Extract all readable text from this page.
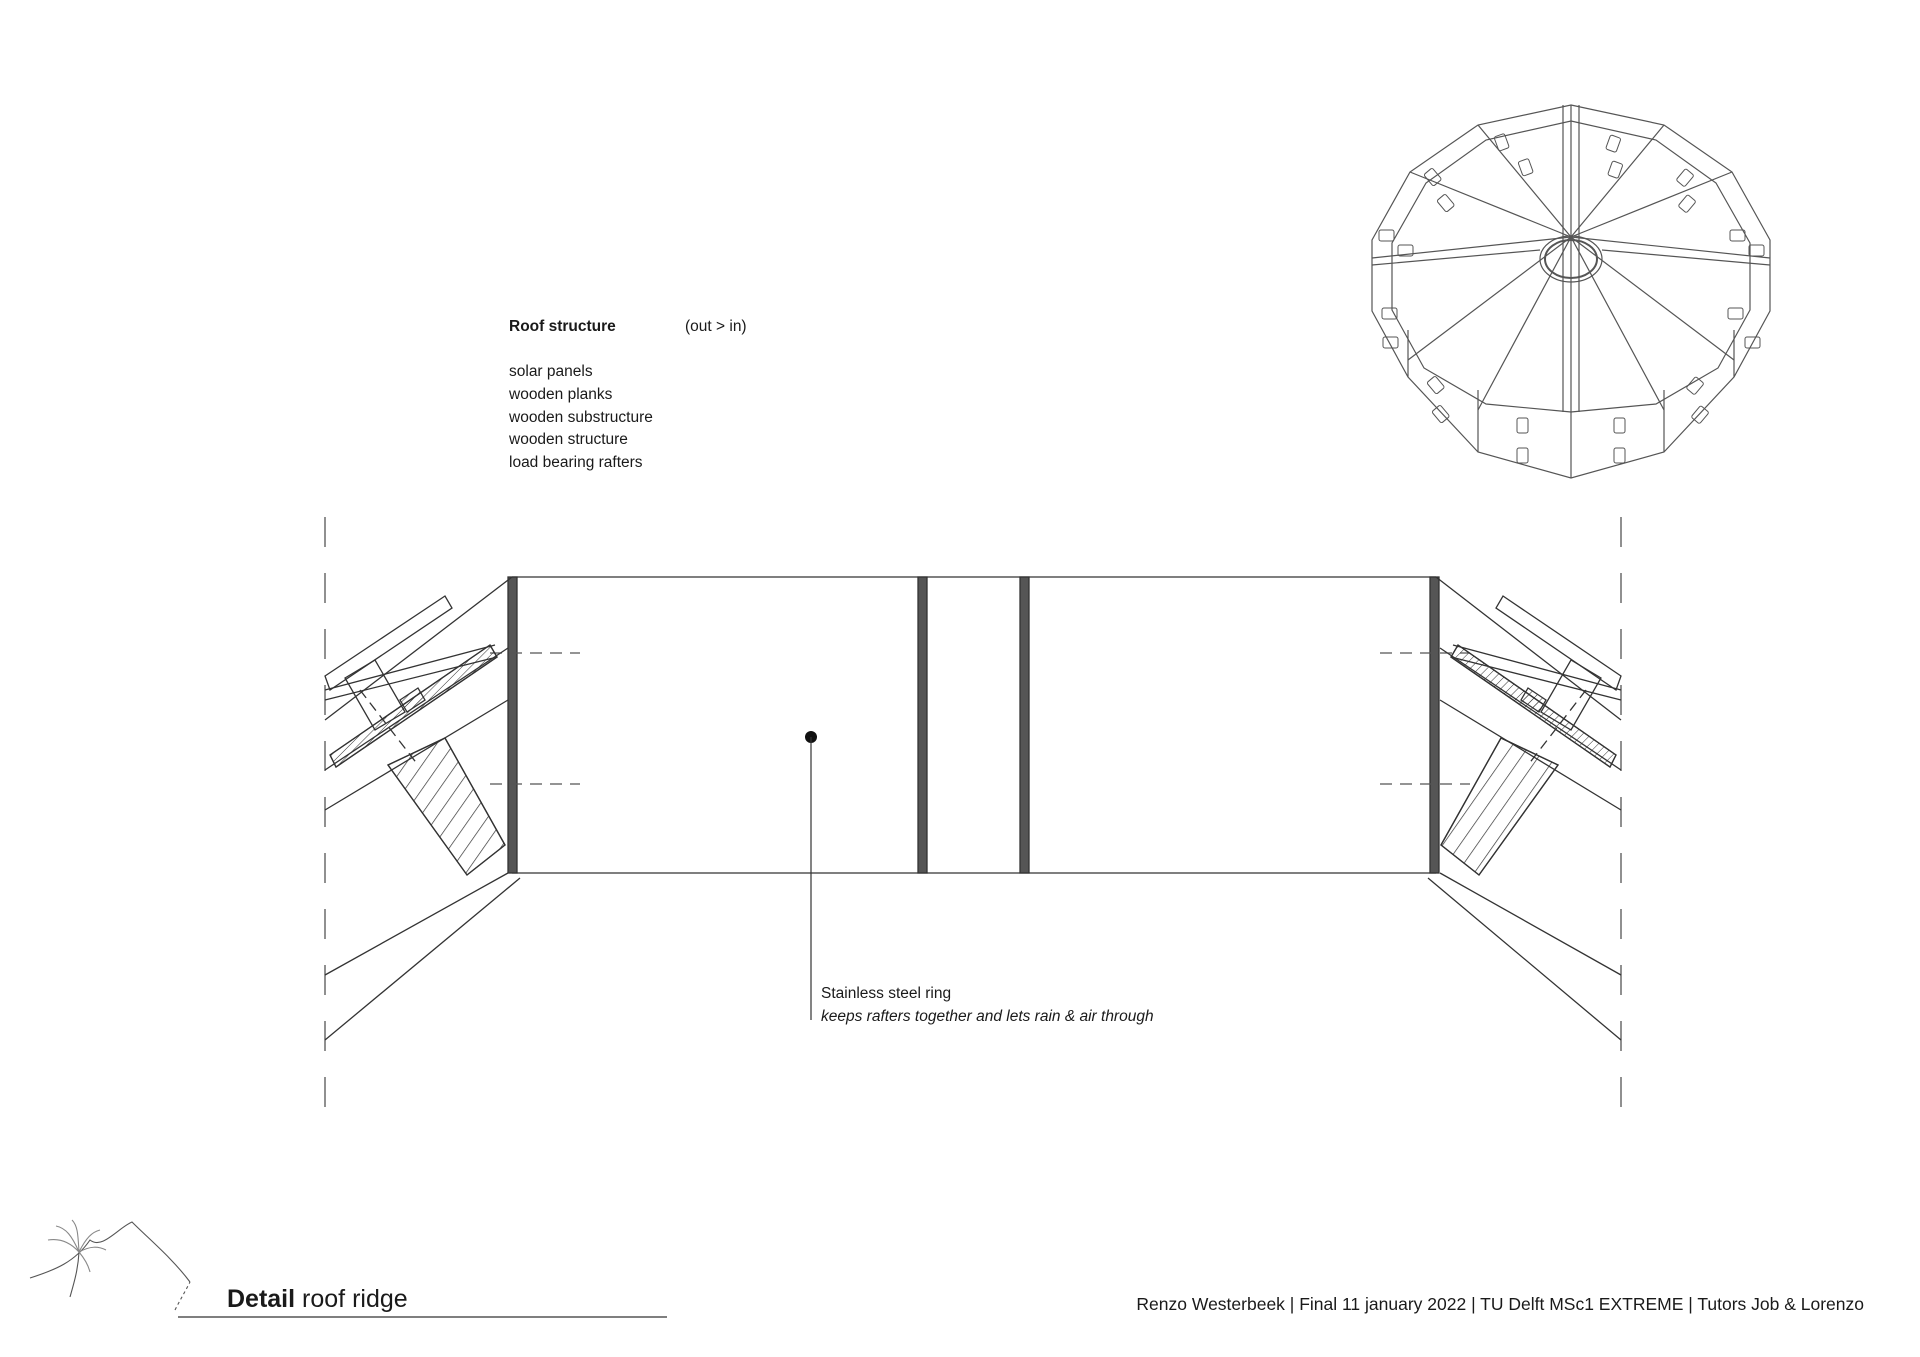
Roof structure	(out > in)
solar panels
wooden planks
wooden substructure
wooden structure
load bearing rafters
Stainless steel ring
keeps rafters together and lets rain & air through
Detail roof ridge	Renzo Westerbeek | Final 11 january 2022 | TU Delft MSc1 EXTREME | Tutors Job & Lorenzo
